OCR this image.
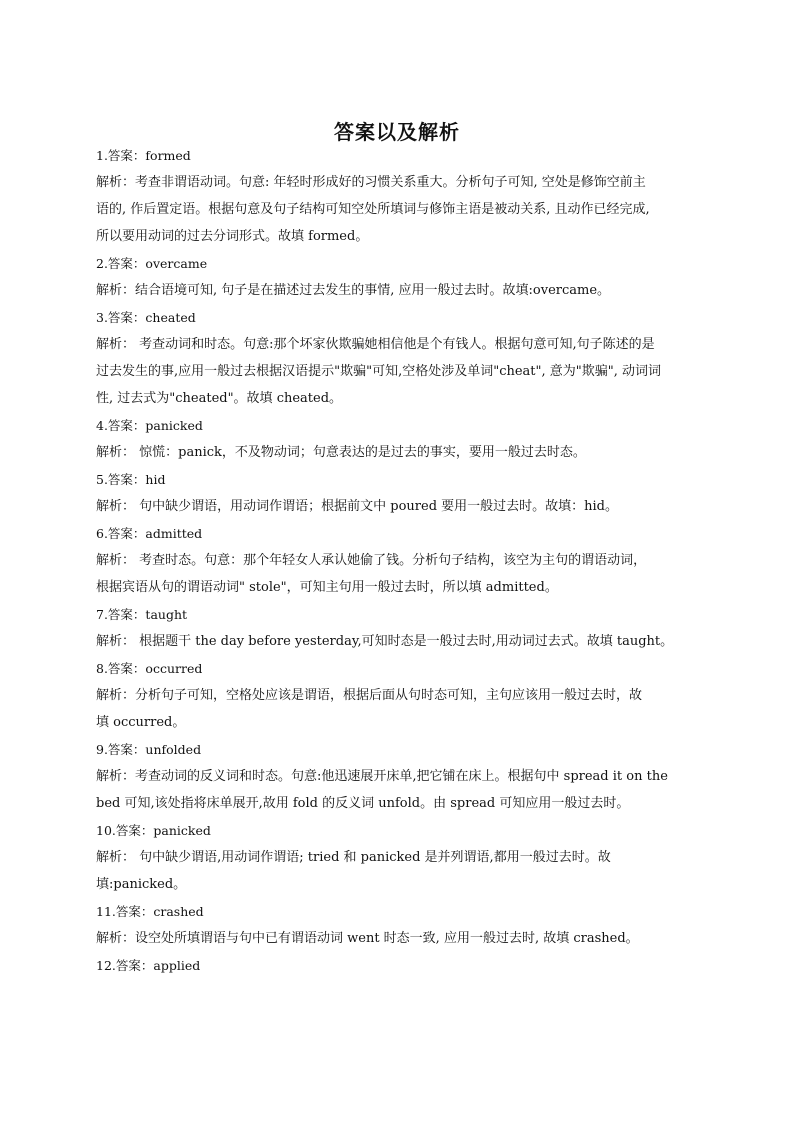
答案以及解析
1.答案：formed
解析：考查非谓语动词。句意: 年轻时形成好的习惯关系重大。分析句子可知, 空处是修饰空前主
语的, 作后置定语。根据句意及句子结构可知空处所填词与修饰主语是被动关系, 且动作已经完成,
所以要用动词的过去分词形式。故填 formed。
2.答案：overcame
解析：结合语境可知, 句子是在描述过去发生的事情, 应用一般过去时。故填:overcame。
3.答案：cheated
解析： 考查动词和时态。句意:那个坏家伙欺骗她相信他是个有钱人。根据句意可知,句子陈述的是
过去发生的事,应用一般过去根据汉语提示"欺骗"可知,空格处涉及单词"cheat", 意为"欺骗", 动词词
性, 过去式为"cheated"。故填 cheated。
4.答案：panicked
解析： 惊慌：panick，不及物动词；句意表达的是过去的事实，要用一般过去时态。
5.答案：hid
解析： 句中缺少谓语，用动词作谓语；根据前文中 poured 要用一般过去时。故填：hid。
6.答案：admitted
解析： 考查时态。句意：那个年轻女人承认她偷了钱。分析句子结构，该空为主句的谓语动词，
根据宾语从句的谓语动词" stole"，可知主句用一般过去时，所以填 admitted。
7.答案：taught
解析： 根据题干 the day before yesterday,可知时态是一般过去时,用动词过去式。故填 taught。
8.答案：occurred
解析：分析句子可知，空格处应该是谓语，根据后面从句时态可知，主句应该用一般过去时，故
填 occurred。
9.答案：unfolded
解析：考查动词的反义词和时态。句意:他迅速展开床单,把它铺在床上。根据句中 spread it on the
bed 可知,该处指将床单展开,故用 fold 的反义词 unfold。由 spread 可知应用一般过去时。
10.答案：panicked
解析： 句中缺少谓语,用动词作谓语; tried 和 panicked 是并列谓语,都用一般过去时。故
填:panicked。
11.答案：crashed
解析：设空处所填谓语与句中已有谓语动词 went 时态一致, 应用一般过去时, 故填 crashed。
12.答案：applied
